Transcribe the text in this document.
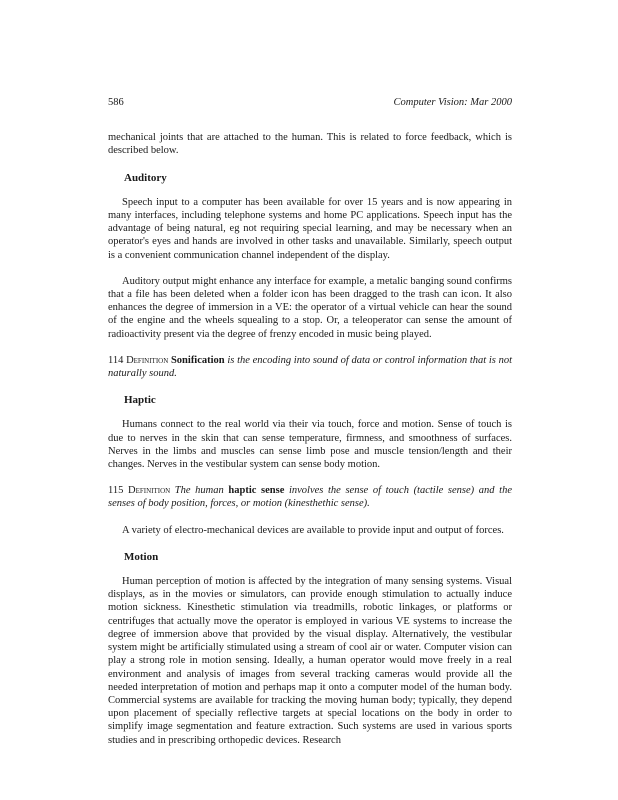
586	Computer Vision: Mar 2000

mechanical joints that are attached to the human. This is related to force feedback, which is described below.

Auditory

Speech input to a computer has been available for over 15 years and is now appearing in many interfaces, including telephone systems and home PC applications. Speech input has the advantage of being natural, eg not requiring special learning, and may be necessary when an operator's eyes and hands are involved in other tasks and unavailable. Similarly, speech output is a convenient communication channel independent of the display.

Auditory output might enhance any interface for example, a metalic banging sound confirms that a file has been deleted when a folder icon has been dragged to the trash can icon. It also enhances the degree of immersion in a VE: the operator of a virtual vehicle can hear the sound of the engine and the wheels squealing to a stop. Or, a teleoperator can sense the amount of radioactivity present via the degree of frenzy encoded in music being played.

114 Definition Sonification is the encoding into sound of data or control information that is not naturally sound.

Haptic

Humans connect to the real world via their via touch, force and motion. Sense of touch is due to nerves in the skin that can sense temperature, firmness, and smoothness of surfaces. Nerves in the limbs and muscles can sense limb pose and muscle tension/length and their changes. Nerves in the vestibular system can sense body motion.

115 Definition The human haptic sense involves the sense of touch (tactile sense) and the senses of body position, forces, or motion (kinesthethic sense).

A variety of electro-mechanical devices are available to provide input and output of forces.

Motion

Human perception of motion is affected by the integration of many sensing systems. Visual displays, as in the movies or simulators, can provide enough stimulation to actually induce motion sickness. Kinesthetic stimulation via treadmills, robotic linkages, or platforms or centrifuges that actually move the operator is employed in various VE systems to increase the degree of immersion above that provided by the visual display. Alternatively, the vestibular system might be artificially stimulated using a stream of cool air or water. Computer vision can play a strong role in motion sensing. Ideally, a human operator would move freely in a real environment and analysis of images from several tracking cameras would provide all the needed interpretation of motion and perhaps map it onto a computer model of the human body. Commercial systems are available for tracking the moving human body; typically, they depend upon placement of specially reflective targets at special locations on the body in order to simplify image segmentation and feature extraction. Such systems are used in various sports studies and in prescribing orthopedic devices. Research
